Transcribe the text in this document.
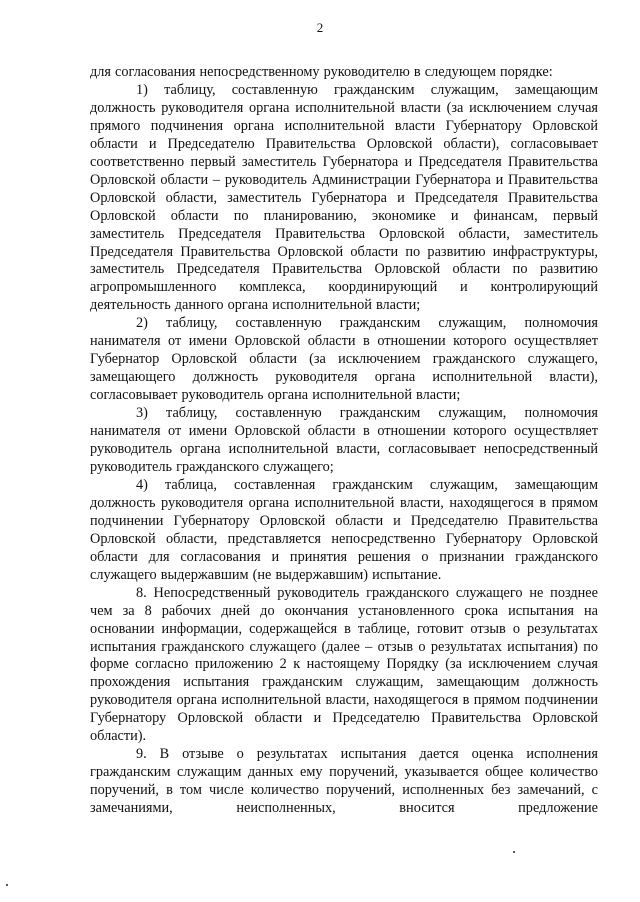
2

для согласования непосредственному руководителю в следующем порядке:

1) таблицу, составленную гражданским служащим, замещающим должность руководителя органа исполнительной власти (за исключением случая прямого подчинения органа исполнительной власти Губернатору Орловской области и Председателю Правительства Орловской области), согласовывает соответственно первый заместитель Губернатора и Председателя Правительства Орловской области – руководитель Администрации Губернатора и Правительства Орловской области, заместитель Губернатора и Председателя Правительства Орловской области по планированию, экономике и финансам, первый заместитель Председателя Правительства Орловской области, заместитель Председателя Правительства Орловской области по развитию инфраструктуры, заместитель Председателя Правительства Орловской области по развитию агропромышленного комплекса, координирующий и контролирующий деятельность данного органа исполнительной власти;

2) таблицу, составленную гражданским служащим, полномочия нанимателя от имени Орловской области в отношении которого осуществляет Губернатор Орловской области (за исключением гражданского служащего, замещающего должность руководителя органа исполнительной власти), согласовывает руководитель органа исполнительной власти;

3) таблицу, составленную гражданским служащим, полномочия нанимателя от имени Орловской области в отношении которого осуществляет руководитель органа исполнительной власти, согласовывает непосредственный руководитель гражданского служащего;

4) таблица, составленная гражданским служащим, замещающим должность руководителя органа исполнительной власти, находящегося в прямом подчинении Губернатору Орловской области и Председателю Правительства Орловской области, представляется непосредственно Губернатору Орловской области для согласования и принятия решения о признании гражданского служащего выдержавшим (не выдержавшим) испытание.

8. Непосредственный руководитель гражданского служащего не позднее чем за 8 рабочих дней до окончания установленного срока испытания на основании информации, содержащейся в таблице, готовит отзыв о результатах испытания гражданского служащего (далее – отзыв о результатах испытания) по форме согласно приложению 2 к настоящему Порядку (за исключением случая прохождения испытания гражданским служащим, замещающим должность руководителя органа исполнительной власти, находящегося в прямом подчинении Губернатору Орловской области и Председателю Правительства Орловской области).

9. В отзыве о результатах испытания дается оценка исполнения гражданским служащим данных ему поручений, указывается общее количество поручений, в том числе количество поручений, исполненных без замечаний, с замечаниями, неисполненных, вносится предложение
